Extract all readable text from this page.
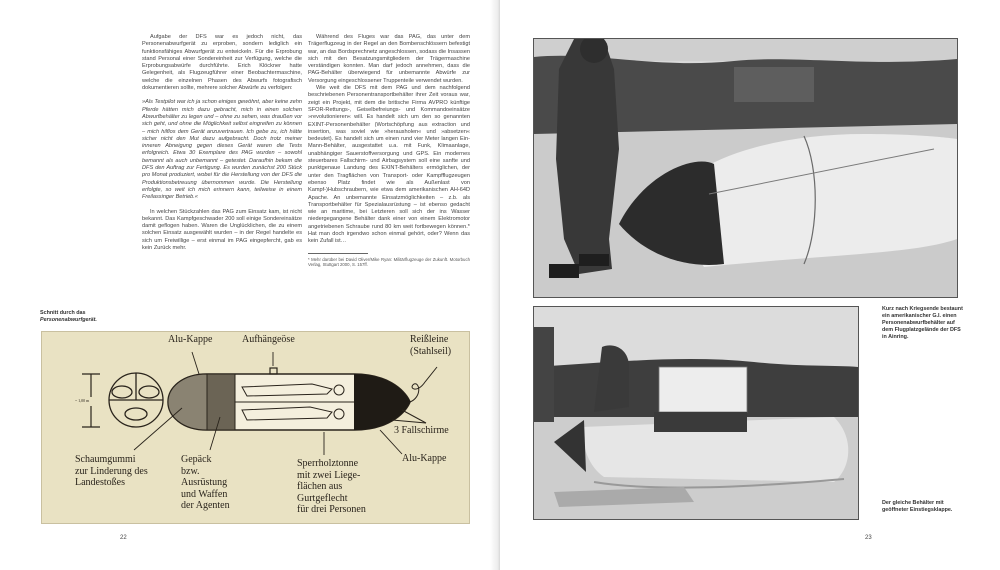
Aufgabe der DFS war es jedoch nicht, das Personenabwurfgerät zu erproben, sondern lediglich ein funktionsfähiges Abwurfgerät zu entwickeln. Für die Erprobung stand Personal einer Sondereinheit zur Verfügung, welche die Erprobungsabwürfe durchführte. Erich Klöckner hatte Gelegenheit, als Flugzeugführer einer Beobachtermaschine, welche die einzelnen Phasen des Abwurfs fotografisch dokumentieren sollte, mehrere solcher Abwürfe zu verfolgen:

»Als Testpilot war ich ja schon einiges gewöhnt, aber keine zehn Pferde hätten mich dazu gebracht, mich in einen solchen Abwurfbehälter zu legen und – ohne zu sehen, was draußen vor sich geht, und ohne die Möglichkeit selbst eingreifen zu können – mich hilflos dem Gerät anzuvertrauen. Ich gebe zu, ich hätte sicher nicht den Mut dazu aufgebracht. Doch trotz meiner inneren Abneigung gegen dieses Gerät waren die Tests erfolgreich. Etwa 30 Exemplare des PAG wurden – sowohl bemannt als auch unbemannt – getestet. Daraufhin bekam die DFS den Auftrag zur Fertigung. Es wurden zunächst 200 Stück pro Monat produziert, wobei für die Herstellung von der DFS die Produktionsbetreuung übernommen wurde. Die Herstellung erfolgte, so weit ich mich erinnern kann, teilweise in einem Freilassinger Betrieb.«

In welchen Stückzahlen das PAG zum Einsatz kam, ist nicht bekannt. Das Kampfgeschwader 200 soll einige Sondereinsätze damit geflogen haben. Waren die Unglücklichen, die zu einem solchen Einsatz ausgewählt wurden – in der Regel handelte es sich um Freiwillige – erst einmal im PAG eingepfercht, gab es kein Zurück mehr.

Während des Fluges war das PAG, das unter dem Trägerflugzeug in der Regel an den Bombenschlössern befestigt war, an das Bordsprechnetz angeschlossen, sodass die Insassen sich mit den Besatzungsmitgliedern der Trägermaschine verständigen konnten. Man darf jedoch annehmen, dass die PAG-Behälter überwiegend für unbemannte Abwürfe zur Versorgung eingeschlossener Truppenteile verwendet wurden.

Wie weit die DFS mit dem PAG und dem nachfolgend beschriebenen Personentransportbehälter ihrer Zeit voraus war, zeigt ein Projekt, mit dem die britische Firma AVPRO künftige SFOR-Rettungs-, Geiselbefreiungs- und Kommandoeinsätze »revolutionieren« will. Es handelt sich um den so genannten EXINT-Personenbehälter (Wortschöpfung aus extraction und insertion, was soviel wie »herausholen« und »absetzen« bedeutet). Es handelt sich um einen rund vier Meter langen Ein-Mann-Behälter, ausgestattet u.a. mit Funk, Klimaanlage, unabhängiger Sauerstoffversorgung und GPS. Ein modernes steuerbares Fallschirm- und Airbagsystem soll eine sanfte und punktgenaue Landung des EXINT-Behälters ermöglichen, der unter den Tragflächen von Transport- oder Kampfflugzeugen ebenso Platz findet wie als Außenlast von Kampf-)Hubschraubern, wie etwa dem amerikanischen AH-64D Apache. An unbemannte Einsatzmöglichkeiten – z.b. als Transportbehälter für Spezialausrüstung – ist ebenso gedacht wie an maritime, bei Letzteren soll sich der ins Wasser niedergegangene Behälter dank einer von einem Elektromotor angetriebenen Schraube rund 80 km weit fortbewegen können.* Hat man doch irgendwo schon einmal gehört, oder? Wenn das kein Zufall ist…

* Mehr darüber bei David Oliver/Mike Ryan: Militärflugzeuge der Zukunft. Motorbuch Verlag, Stuttgart 2000, S. 157ff.

Schnitt durch das
Personenabwurfgerät.
Alu-Kappe	Aufhängeöse	Reißleine
(Stahlseil)
3 Fallschirme
Alu-Kappe
Schaumgummi
zur Linderung des
Landestoßes
Gepäck
bzw.
Ausrüstung
und Waffen
der Agenten
Sperrholztonne
mit zwei Liege-
flächen aus
Gurtgeflecht
für drei Personen
~ 1,00 m
22
Kurz nach Kriegsende bestaunt ein amerikanischer G.I. einen Personenabwurfbehälter auf dem Flugplatzgelände der DFS in Ainring.
Der gleiche Behälter mit geöffneter Einstiegsklappe.
23
